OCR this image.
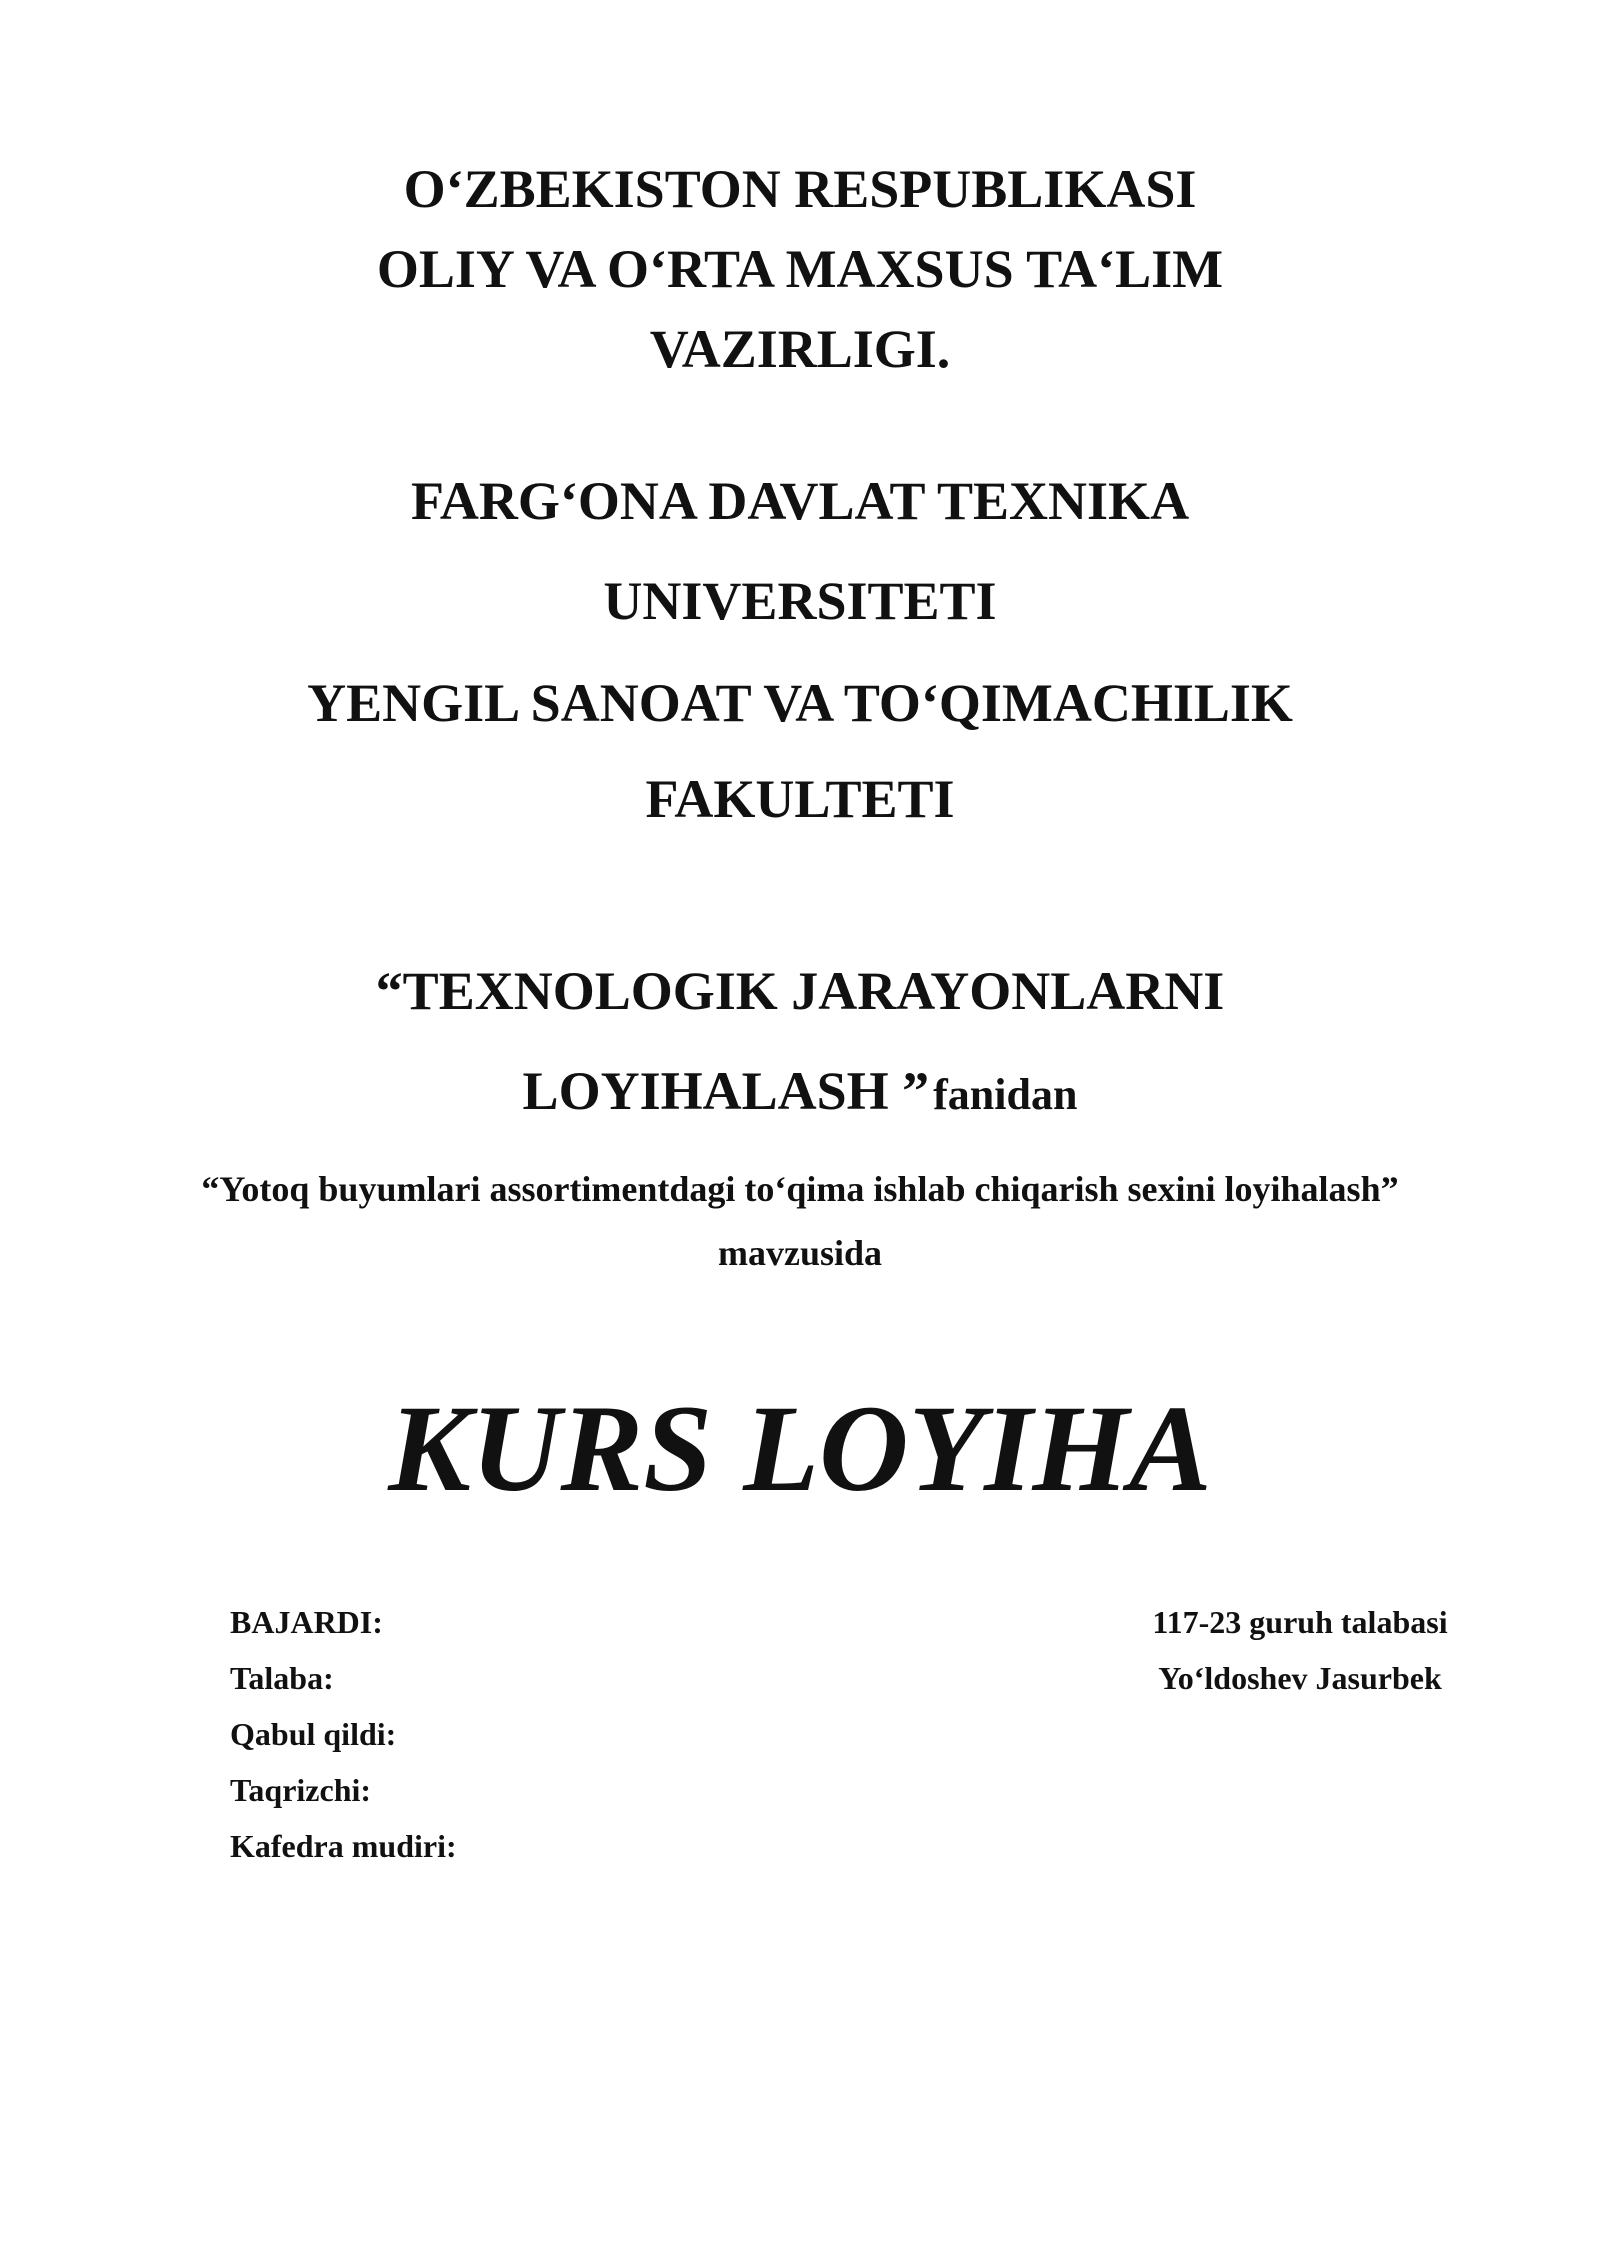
O‘ZBEKISTON RESPUBLIKASI
OLIY VA O‘RTA MAXSUS TA‘LIM
VAZIRLIGI.
FARG‘ONA DAVLAT TEXNIKA
UNIVERSITETI
YENGIL SANOAT VA TO‘QIMACHILIK
FAKULTETI
“TEXNOLOGIK JARAYONLARNI
LOYIHALASH ” fanidan
“Yotoq buyumlari assortimentdagi to‘qima ishlab chiqarish sexini loyihalash”
mavzusida
KURS LOYIHA
BAJARDI:
Talaba:
Qabul qildi:
Taqrizchi:
Kafedra mudiri:
117-23 guruh talabasi
Yo‘ldoshev Jasurbek
